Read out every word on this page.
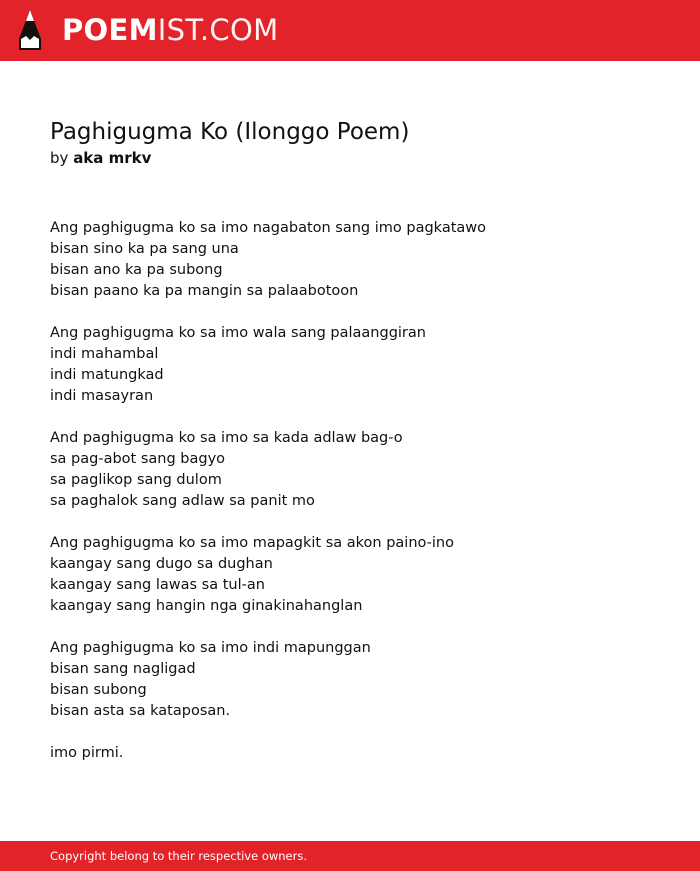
POEMIST.COM
Paghigugma Ko (Ilonggo Poem)
by aka mrkv
Ang paghigugma ko sa imo nagabaton sang imo pagkatawo
bisan sino ka pa sang una
bisan ano ka pa subong
bisan paano ka pa mangin sa palaabotoon
Ang paghigugma ko sa imo wala sang palaanggiran
indi mahambal
indi matungkad
indi masayran
And paghigugma ko sa imo sa kada adlaw bag-o
sa pag-abot sang bagyo
sa paglikop sang dulom
sa paghalok sang adlaw sa panit mo
Ang paghigugma ko sa imo mapagkit sa akon paino-ino
kaangay sang dugo sa dughan
kaangay sang lawas sa tul-an
kaangay sang hangin nga ginakinahanglan
Ang paghigugma ko sa imo indi mapunggan
bisan sang nagligad
bisan subong
bisan asta sa kataposan.
imo pirmi.
Copyright belong to their respective owners.
